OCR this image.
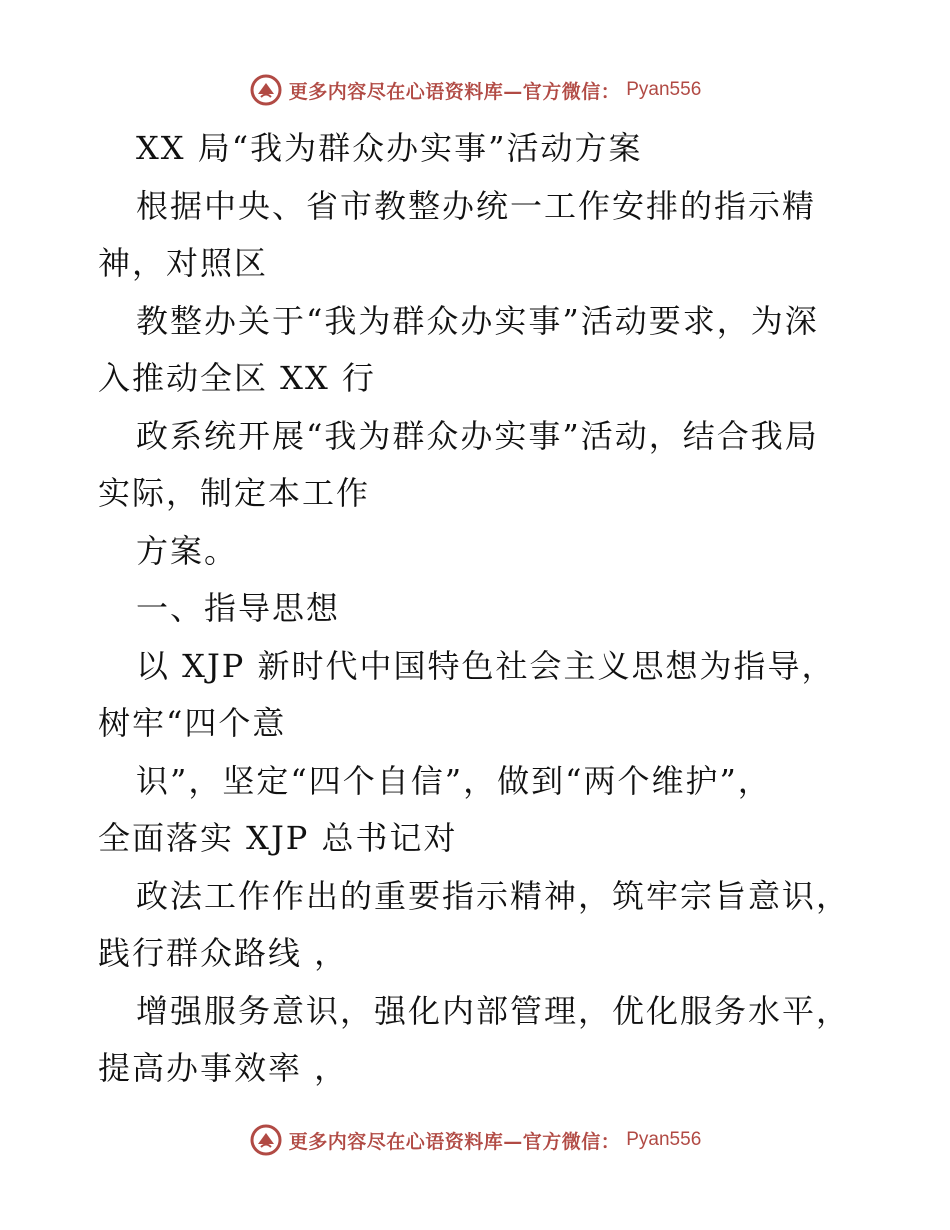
更多内容尽在心语资料库—官方微信： Pyan556
XX 局“我为群众办实事”活动方案
根据中央、省市教整办统一工作安排的指示精
神，对照区
教整办关于“我为群众办实事”活动要求，为深
入推动全区 XX 行
政系统开展“我为群众办实事”活动，结合我局
实际，制定本工作
方案。
一、指导思想
以 XJP 新时代中国特色社会主义思想为指导，
树牢“四个意
识”，坚定“四个自信”，做到“两个维护”，
全面落实 XJP 总书记对
政法工作作出的重要指示精神，筑牢宗旨意识，
践行群众路线 ，
增强服务意识，强化内部管理，优化服务水平，
提高办事效率 ，
更多内容尽在心语资料库—官方微信： Pyan556
